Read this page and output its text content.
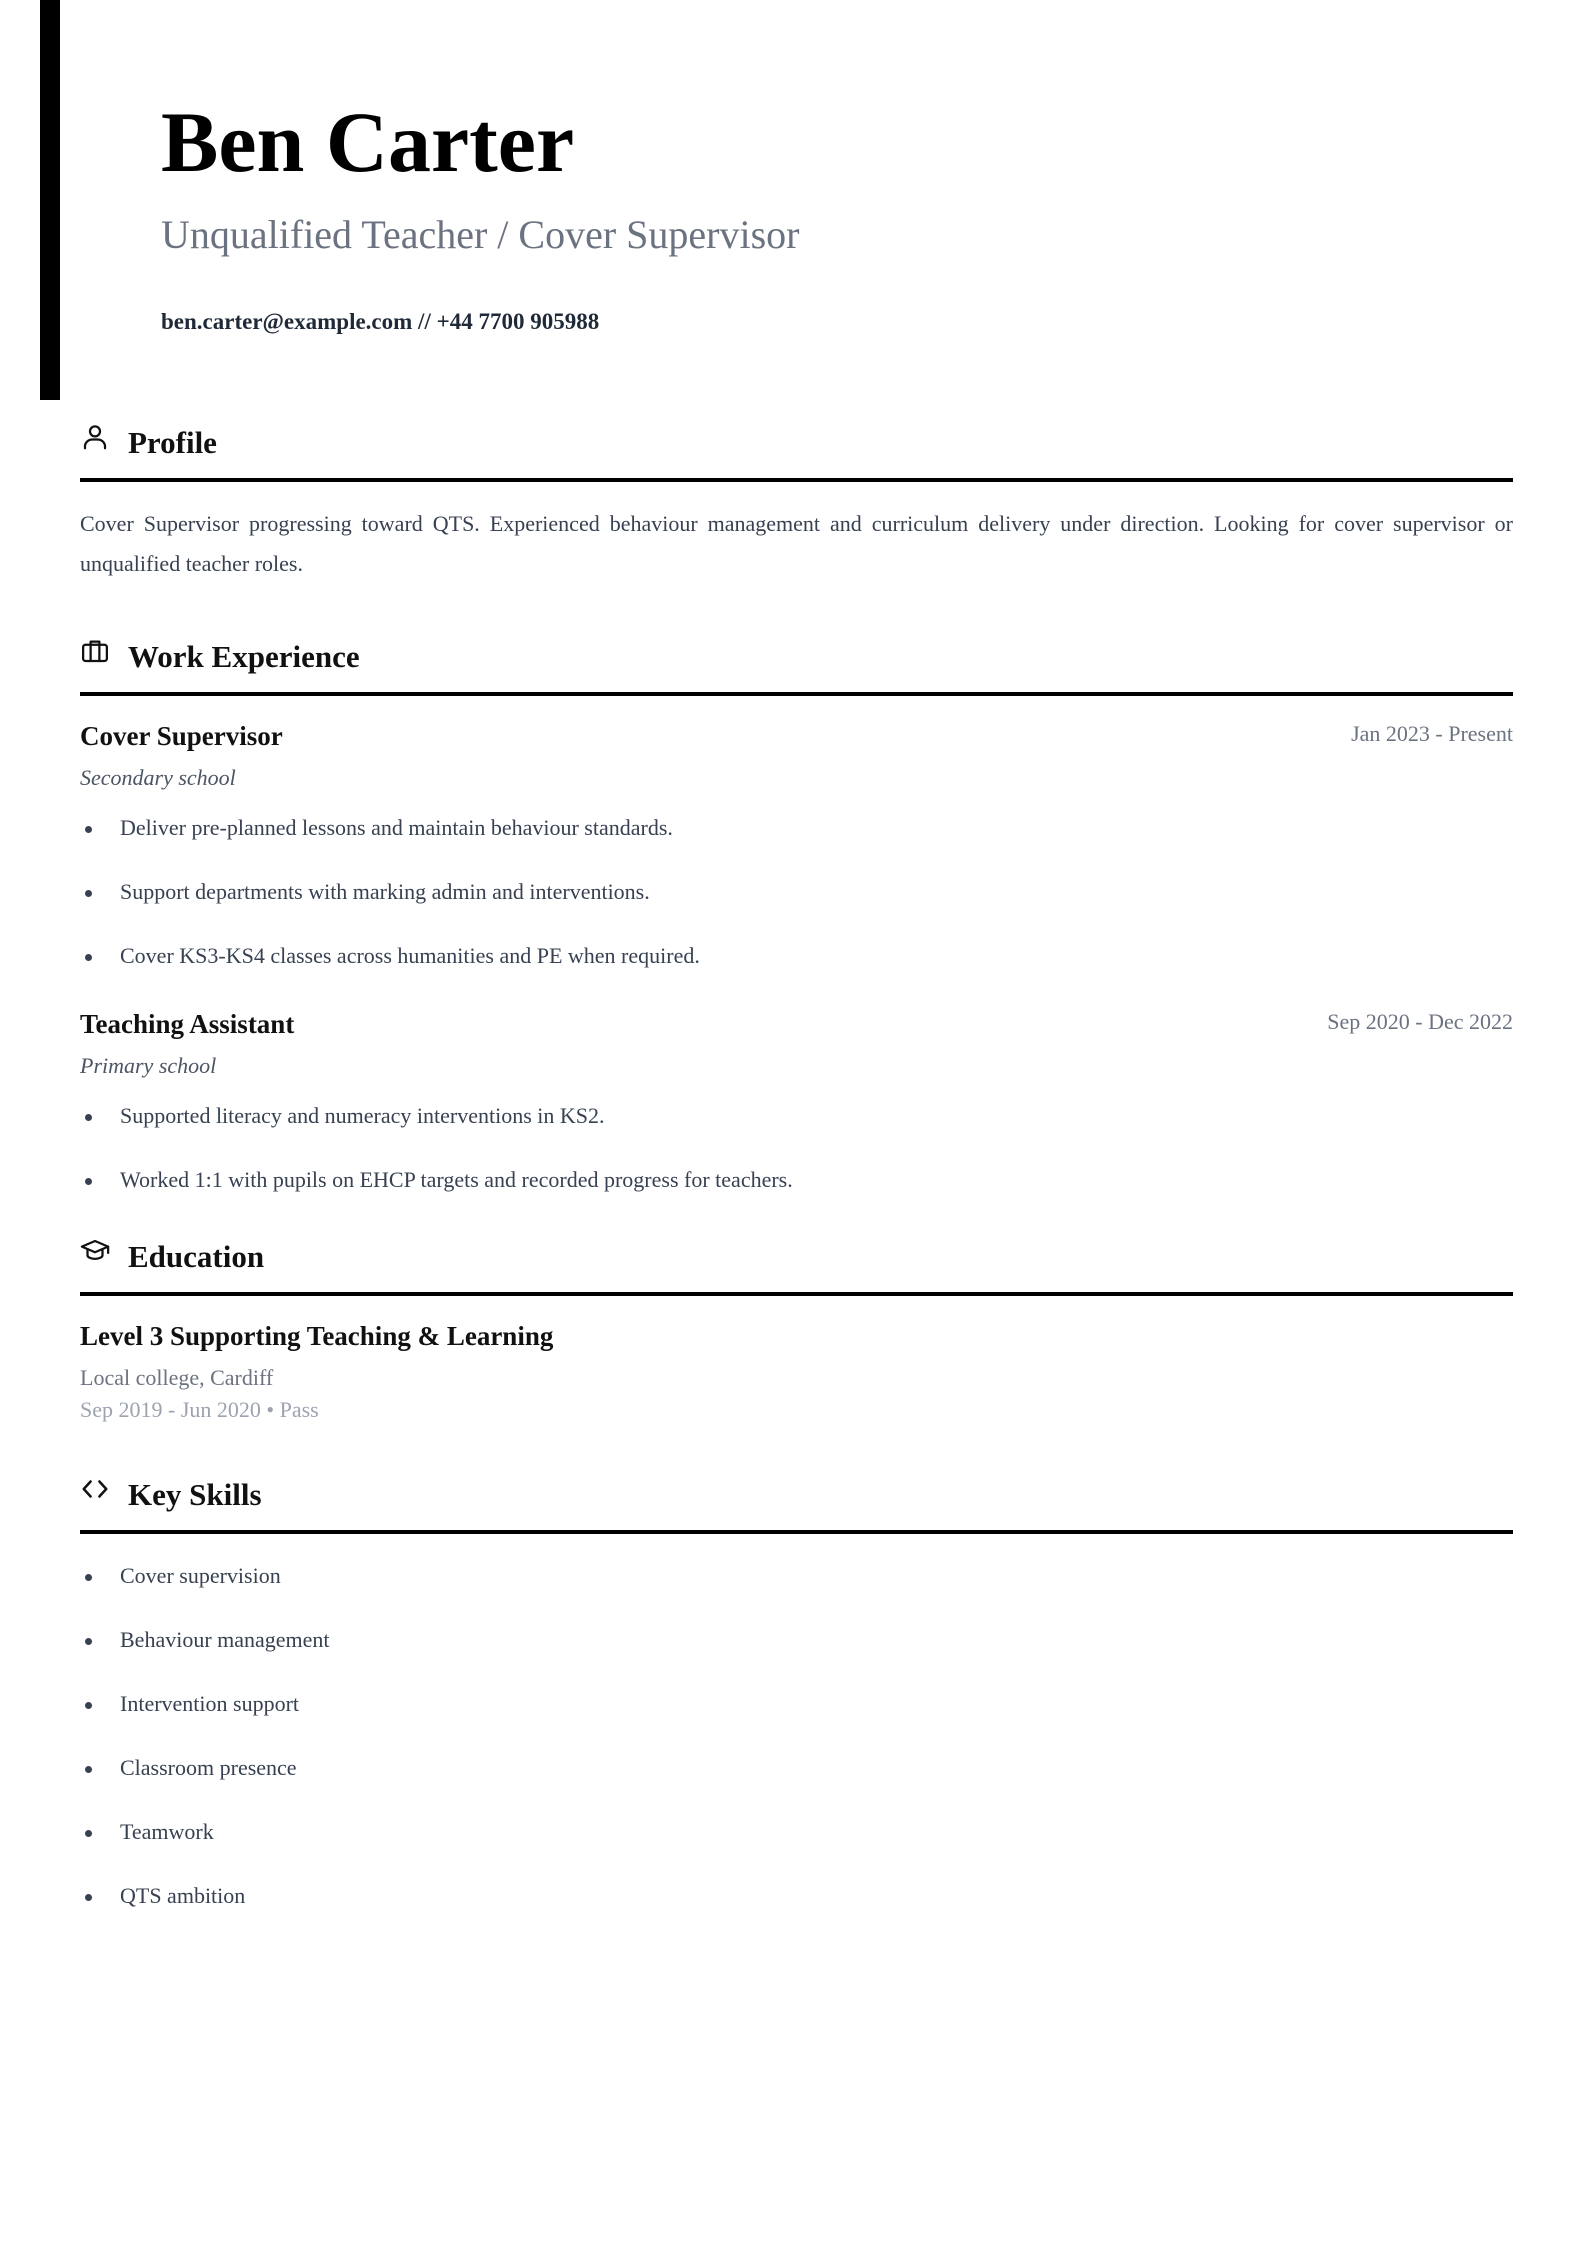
Ben Carter

Unqualified Teacher / Cover Supervisor

ben.carter@example.com // +44 7700 905988

Profile

Cover Supervisor progressing toward QTS. Experienced behaviour management and curriculum delivery under direction. Looking for cover supervisor or unqualified teacher roles.

Work Experience
Cover Supervisor	Jan 2023 - Present

Secondary school

Deliver pre-planned lessons and maintain behaviour standards.
Support departments with marking admin and interventions.
Cover KS3-KS4 classes across humanities and PE when required.
Teaching Assistant	Sep 2020 - Dec 2022

Primary school

Supported literacy and numeracy interventions in KS2.
Worked 1:1 with pupils on EHCP targets and recorded progress for teachers.
Education
Level 3 Supporting Teaching & Learning

Local college, Cardiff

Sep 2019 - Jun 2020 • Pass

Key Skills
Cover supervision
Behaviour management
Intervention support
Classroom presence
Teamwork
QTS ambition
